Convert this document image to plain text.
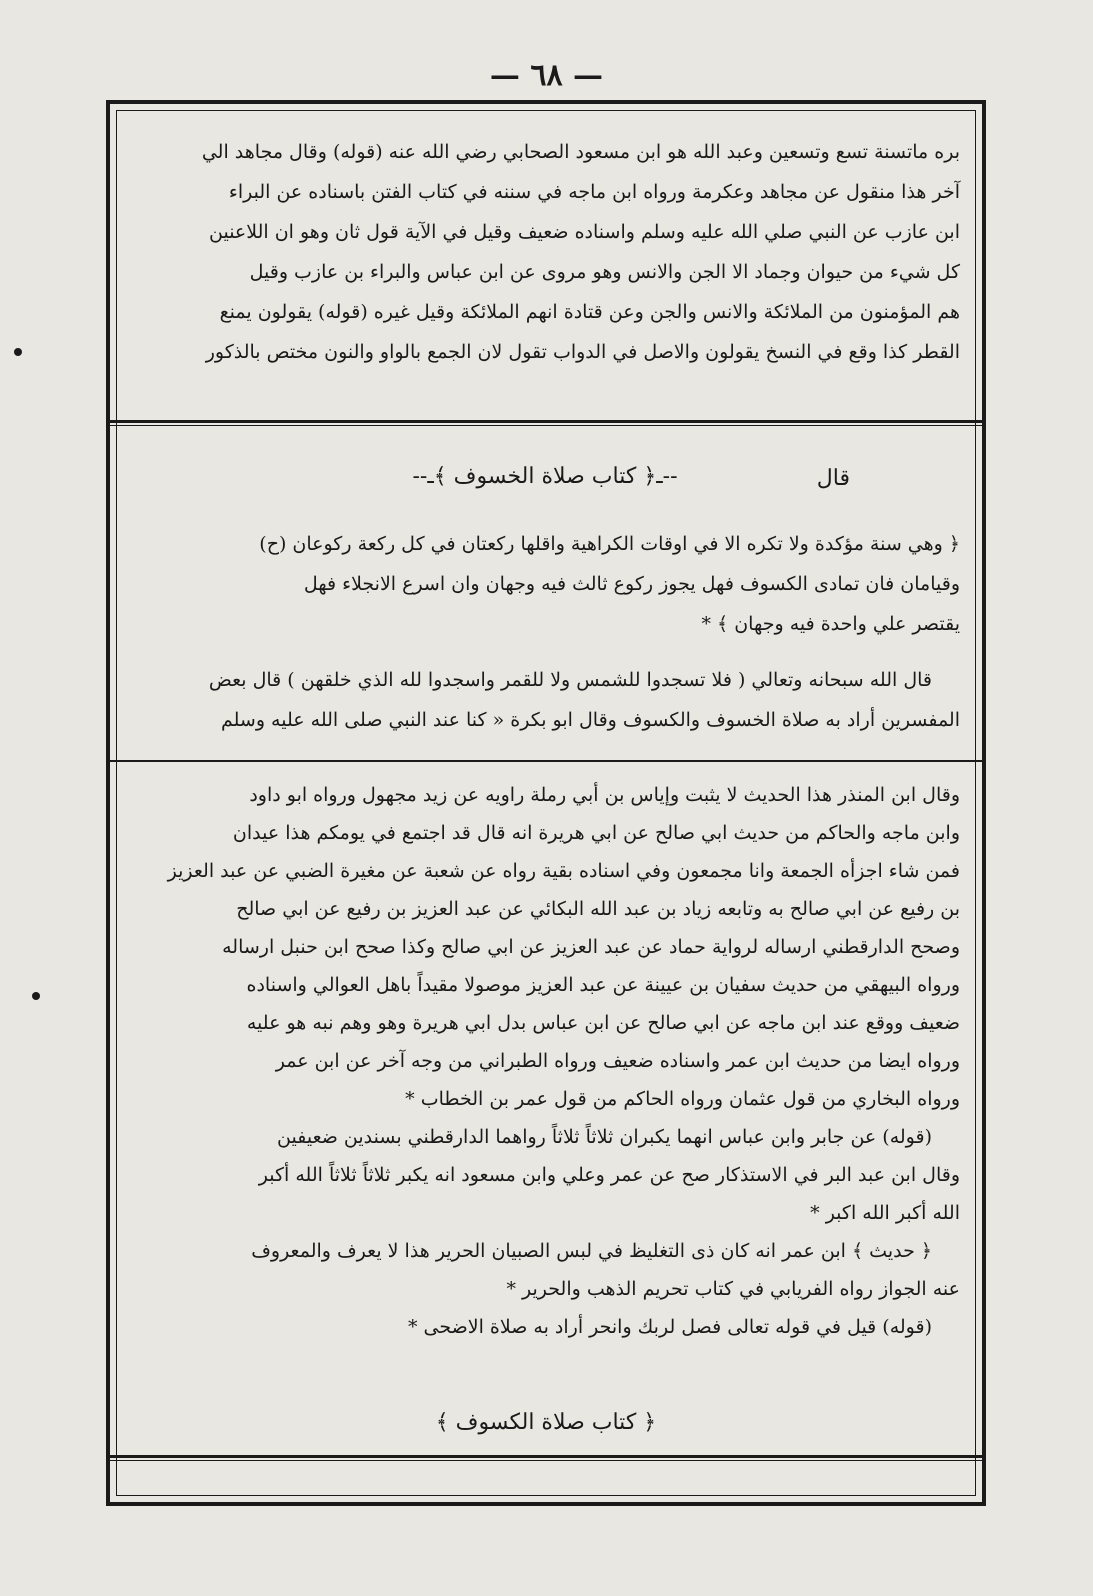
— ٦٨ —

بره ماتسنة تسع وتسعين وعبد الله هو ابن مسعود الصحابي رضي الله عنه (قوله) وقال مجاهد الي

آخر هذا منقول عن مجاهد وعكرمة ورواه ابن ماجه في سننه في كتاب الفتن باسناده عن البراء

ابن عازب عن النبي صلي الله عليه وسلم واسناده ضعيف وقيل في الآية قول ثان وهو ان اللاعنين

كل شيء من حيوان وجماد الا الجن والانس وهو مروى عن ابن عباس والبراء بن عازب وقيل

هم المؤمنون من الملائكة والانس والجن وعن قتادة انهم الملائكة وقيل غيره (قوله) يقولون يمنع

القطر كذا وقع في النسخ يقولون والاصل في الدواب تقول لان الجمع بالواو والنون مختص بالذكور

قال
--ـ﴿ كتاب صلاة الخسوف ﴾ـ--

﴿ وهي سنة مؤكدة ولا تكره الا في اوقات الكراهية واقلها ركعتان في كل ركعة ركوعان (ح)

وقيامان فان تمادى الكسوف فهل يجوز ركوع ثالث فيه وجهان وان اسرع الانجلاء فهل

يقتصر علي واحدة فيه وجهان ﴾ *

قال الله سبحانه وتعالي ( فلا تسجدوا للشمس ولا للقمر واسجدوا لله الذي خلقهن ) قال بعض

المفسرين أراد به صلاة الخسوف والكسوف وقال ابو بكرة « كنا عند النبي صلى الله عليه وسلم

وقال ابن المنذر هذا الحديث لا يثبت وإياس بن أبي رملة راويه عن زيد مجهول ورواه ابو داود

وابن ماجه والحاكم من حديث ابي صالح عن ابي هريرة انه قال قد اجتمع في يومكم هذا عيدان

فمن شاء اجزأه الجمعة وانا مجمعون وفي اسناده بقية رواه عن شعبة عن مغيرة الضبي عن عبد العزيز

بن رفيع عن ابي صالح به وتابعه زياد بن عبد الله البكائي عن عبد العزيز بن رفيع عن ابي صالح

وصحح الدارقطني ارساله لرواية حماد عن عبد العزيز عن ابي صالح وكذا صحح ابن حنبل ارساله

ورواه البيهقي من حديث سفيان بن عيينة عن عبد العزيز موصولا مقيداً باهل العوالي واسناده

ضعيف ووقع عند ابن ماجه عن ابي صالح عن ابن عباس بدل ابي هريرة وهو وهم نبه هو عليه

ورواه ايضا من حديث ابن عمر واسناده ضعيف ورواه الطبراني من وجه آخر عن ابن عمر

ورواه البخاري من قول عثمان ورواه الحاكم من قول عمر بن الخطاب *

(قوله) عن جابر وابن عباس انهما يكبران ثلاثاً ثلاثاً رواهما الدارقطني بسندين ضعيفين

وقال ابن عبد البر في الاستذكار صح عن عمر وعلي وابن مسعود انه يكبر ثلاثاً ثلاثاً الله أكبر

الله أكبر الله اكبر *

﴿ حديث ﴾ ابن عمر انه كان ذى التغليظ في لبس الصبيان الحرير هذا لا يعرف والمعروف

عنه الجواز رواه الفريابي في كتاب تحريم الذهب والحرير *

(قوله) قيل في قوله تعالى فصل لربك وانحر أراد به صلاة الاضحى *

﴿ كتاب صلاة الكسوف ﴾
